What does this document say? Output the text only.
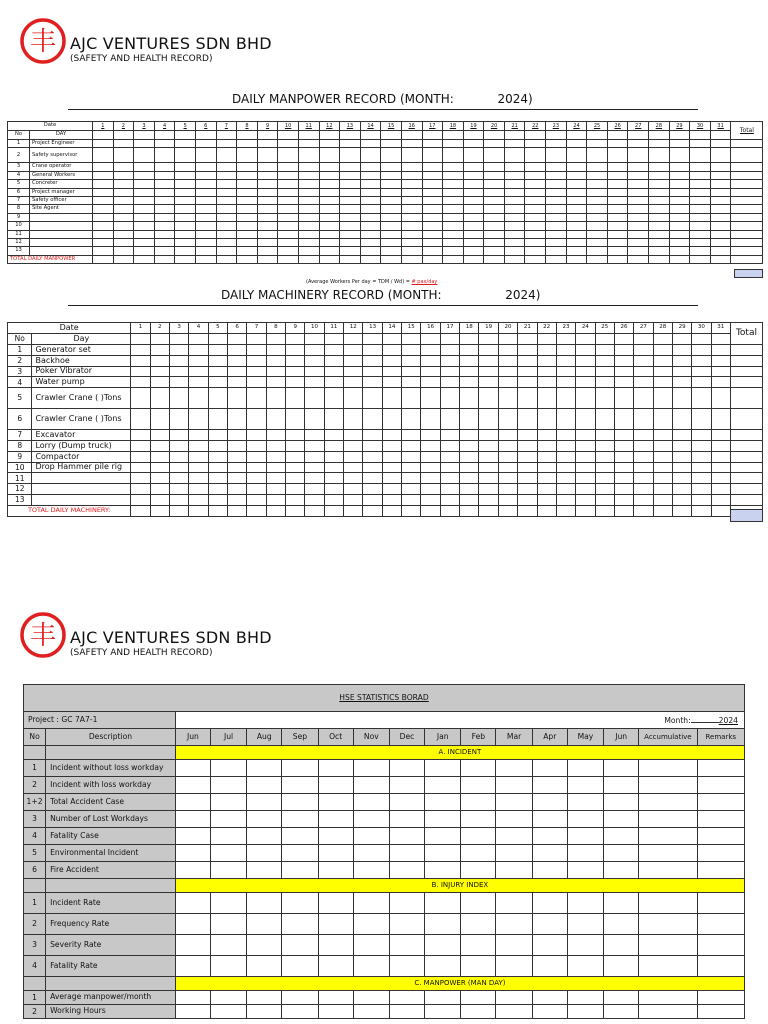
丰 AJC VENTURES SDN BHD
(SAFETY AND HEALTH RECORD)
DAILY MANPOWER RECORD (MONTH:	2024)
Date		1	2	3	4	5	6	7	8	9	10	11	12	13	14	15	16	17	18	19	20	21	22	23	24	25	26	27	28	29	30	31	Total
No	DAY																																
1	Project Engineer																																
2	Safety supervisor																																
3	Crane operator																																
4	General Workers																																
5	Concreter																																
6	Project manager																																
7	Safety officer																																
8	Site Agent																																
9																																	
10																																	
11																																	
12																																	
13																																	
TOTAL DAILY MANPOWER																																	
(Average Workers Per day = TDM / Wd) = # pax/day
DAILY MACHINERY RECORD (MONTH:	2024)
Date		1	2	3	4	5	6	7	8	9	10	11	12	13	14	15	16	17	18	19	20	21	22	23	24	25	26	27	28	29	30	31	Total
No	Day																																
1	Generator set																																
2	Backhoe																																
3	Poker Vibrator																																
4	Water pump																																
5	Crawler Crane ( )Tons																																
6	Crawler Crane ( )Tons																																
7	Excavator																																
8	Lorry (Dump truck)																																
9	Compactor																																
10	Drop Hammer pile rig																																
11																																	
12																																	
13																																	
TOTAL DAILY MACHINERY:																																	
丰 AJC VENTURES SDN BHD
(SAFETY AND HEALTH RECORD)
HSE STATISTICS BORAD																
Project : GC 7A7-1		Month: 2024														
No	Description	Jun	Jul	Aug	Sep	Oct	Nov	Dec	Jan	Feb	Mar	Apr	May	Jun	Accumulative	Remarks
		A. INCIDENT														
1	Incident without loss workday															
2	Incident with loss workday															
1+2	Total Accident Case															
3	Number of Lost Workdays															
4	Fatality Case															
5	Environmental Incident															
6	Fire Accident															
		B. INJURY INDEX														
1	Incident Rate															
2	Frequency Rate															
3	Severity Rate															
4	Fatality Rate															
		C. MANPOWER (MAN DAY)														
1	Average manpower/month															
2	Working Hours															
